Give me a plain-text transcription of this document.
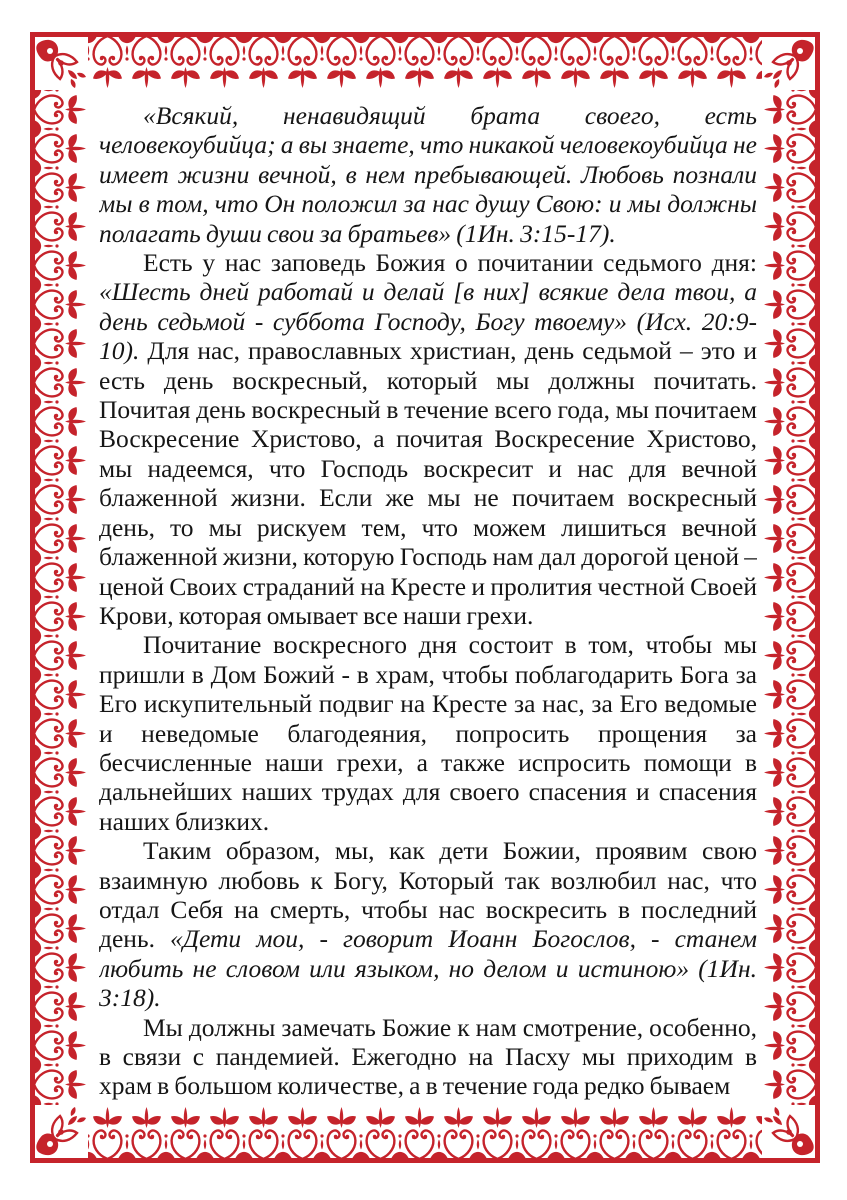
«Всякий, ненавидящий брата своего, есть человекоубийца; а вы знаете, что никакой человекоубийца не имеет жизни вечной, в нем пребывающей. Любовь познали мы в том, что Он положил за нас душу Свою: и мы должны полагать души свои за братьев» (1Ин. 3:15-17).

Есть у нас заповедь Божия о почитании седьмого дня: «Шесть дней работай и делай [в них] всякие дела твои, а день седьмой - суббота Господу, Богу твоему» (Исх. 20:9-10). Для нас, православных христиан, день седьмой – это и есть день воскресный, который мы должны почитать. Почитая день воскресный в течение всего года, мы почитаем Воскресение Христово, а почитая Воскресение Христово, мы надеемся, что Господь воскресит и нас для вечной блаженной жизни. Если же мы не почитаем воскресный день, то мы рискуем тем, что можем лишиться вечной блаженной жизни, которую Господь нам дал дорогой ценой – ценой Своих страданий на Кресте и пролития честной Своей Крови, которая омывает все наши грехи.

Почитание воскресного дня состоит в том, чтобы мы пришли в Дом Божий - в храм, чтобы поблагодарить Бога за Его искупительный подвиг на Кресте за нас, за Его ведомые и неведомые благодеяния, попросить прощения за бесчисленные наши грехи, а также испросить помощи в дальнейших наших трудах для своего спасения и спасения наших близких.

Таким образом, мы, как дети Божии, проявим свою взаимную любовь к Богу, Который так возлюбил нас, что отдал Себя на смерть, чтобы нас воскресить в последний день. «Дети мои, - говорит Иоанн Богослов, - станем любить не словом или языком, но делом и истиною» (1Ин. 3:18).

Мы должны замечать Божие к нам смотрение, особенно, в связи с пандемией. Ежегодно на Пасху мы приходим в храм в большом количестве, а в течение года редко бываем
